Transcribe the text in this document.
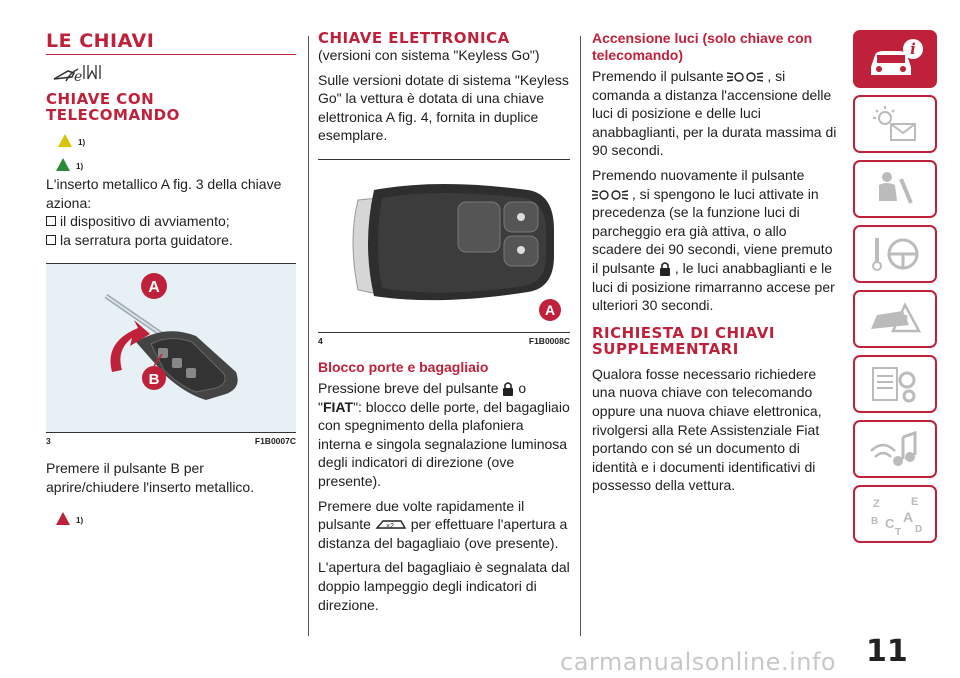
LE CHIAVI
e
CHIAVE CON TELECOMANDO
1)
1)

L'inserto metallico A fig. 3 della chiave aziona:

il dispositivo di avviamento;
la serratura porta guidatore.
A
B
3	F1B0007C

Premere il pulsante B per aprire/chiudere l'inserto metallico.

1)
CHIAVE ELETTRONICA

(versioni con sistema "Keyless Go")

Sulle versioni dotate di sistema "Keyless Go" la vettura è dotata di una chiave elettronica A fig. 4, fornita in duplice esemplare.

A
4	F1B0008C
Blocco porte e bagagliaio

Pressione breve del pulsante o "FIAT": blocco delle porte, del bagagliaio con spegnimento della plafoniera interna e singola segnalazione luminosa degli indicatori di direzione (ove presente).

Premere due volte rapidamente il pulsante ×2 per effettuare l'apertura a distanza del bagagliaio (ove presente).

L'apertura del bagagliaio è segnalata dal doppio lampeggio degli indicatori di direzione.

Accensione luci (solo chiave con telecomando)

Premendo il pulsante	, si comanda a distanza l'accensione delle luci di posizione e delle luci anabbaglianti, per la durata massima di 90 secondi.

Premendo nuovamente il pulsante  , si spengono le luci attivate in precedenza (se la funzione luci di parcheggio era già attiva, o allo scadere dei 90 secondi, viene premuto il pulsante , le luci anabbaglianti e le luci di posizione rimarranno accese per ulteriori 30 secondi.

RICHIESTA DI CHIAVI SUPPLEMENTARI

Qualora fosse necessario richiedere una nuova chiave con telecomando oppure una nuova chiave elettronica, rivolgersi alla Rete Assistenziale Fiat portando con sé un documento di identità e i documenti identificativi di possesso della vettura.

i
Z	E
B A
C D
T
11
carmanualsonline.info
